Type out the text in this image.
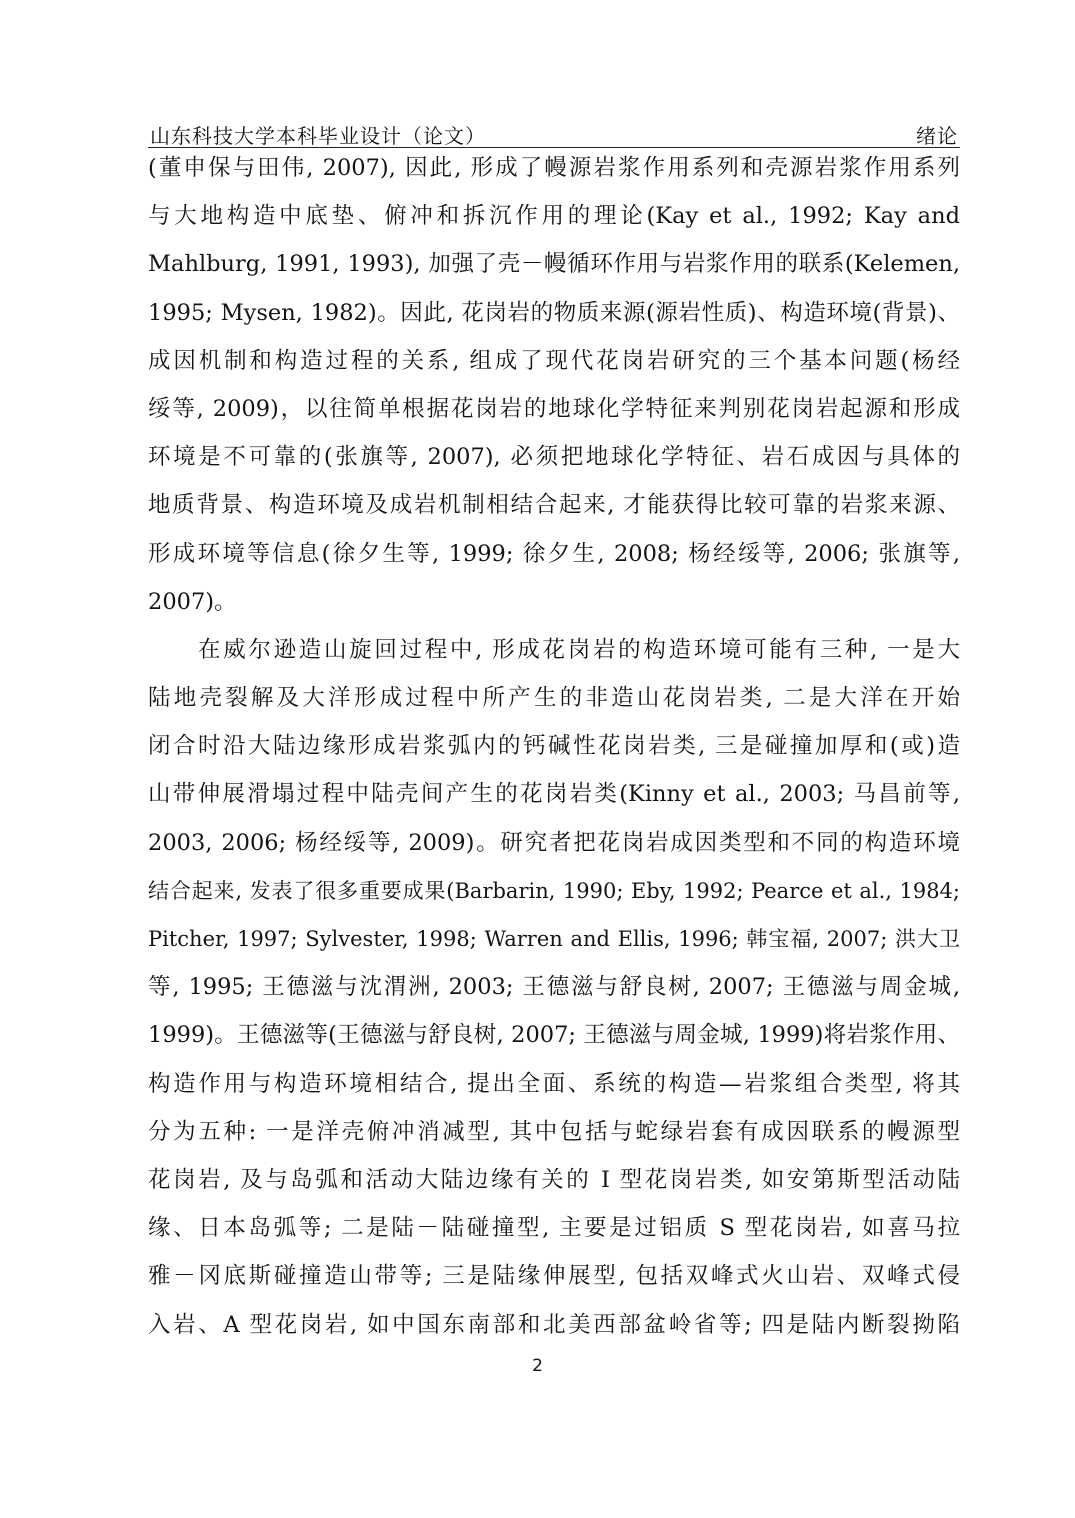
山东科技大学本科毕业设计（论文）	绪论
(董申保与田伟, 2007), 因此, 形成了幔源岩浆作用系列和壳源岩浆作用系列
与大地构造中底垫、俯冲和拆沉作用的理论(Kay et al., 1992; Kay and
Mahlburg, 1991, 1993), 加强了壳－幔循环作用与岩浆作用的联系(Kelemen,
1995; Mysen, 1982)。因此, 花岗岩的物质来源(源岩性质)、构造环境(背景)、
成因机制和构造过程的关系, 组成了现代花岗岩研究的三个基本问题(杨经
绥等, 2009)，以往简单根据花岗岩的地球化学特征来判别花岗岩起源和形成
环境是不可靠的(张旗等, 2007), 必须把地球化学特征、岩石成因与具体的
地质背景、构造环境及成岩机制相结合起来, 才能获得比较可靠的岩浆来源、
形成环境等信息(徐夕生等, 1999; 徐夕生, 2008; 杨经绥等, 2006; 张旗等,
2007)。
在威尔逊造山旋回过程中, 形成花岗岩的构造环境可能有三种, 一是大
陆地壳裂解及大洋形成过程中所产生的非造山花岗岩类, 二是大洋在开始
闭合时沿大陆边缘形成岩浆弧内的钙碱性花岗岩类, 三是碰撞加厚和(或)造
山带伸展滑塌过程中陆壳间产生的花岗岩类(Kinny et al., 2003; 马昌前等,
2003, 2006; 杨经绥等, 2009)。研究者把花岗岩成因类型和不同的构造环境
结合起来, 发表了很多重要成果(Barbarin, 1990; Eby, 1992; Pearce et al., 1984;
Pitcher, 1997; Sylvester, 1998; Warren and Ellis, 1996; 韩宝福, 2007; 洪大卫
等, 1995; 王德滋与沈渭洲, 2003; 王德滋与舒良树, 2007; 王德滋与周金城,
1999)。王德滋等(王德滋与舒良树, 2007; 王德滋与周金城, 1999)将岩浆作用、
构造作用与构造环境相结合, 提出全面、系统的构造—岩浆组合类型, 将其
分为五种: 一是洋壳俯冲消减型, 其中包括与蛇绿岩套有成因联系的幔源型
花岗岩, 及与岛弧和活动大陆边缘有关的 I 型花岗岩类, 如安第斯型活动陆
缘、日本岛弧等; 二是陆－陆碰撞型, 主要是过铝质 S 型花岗岩, 如喜马拉
雅－冈底斯碰撞造山带等; 三是陆缘伸展型, 包括双峰式火山岩、双峰式侵
入岩、A 型花岗岩, 如中国东南部和北美西部盆岭省等; 四是陆内断裂拗陷
2
